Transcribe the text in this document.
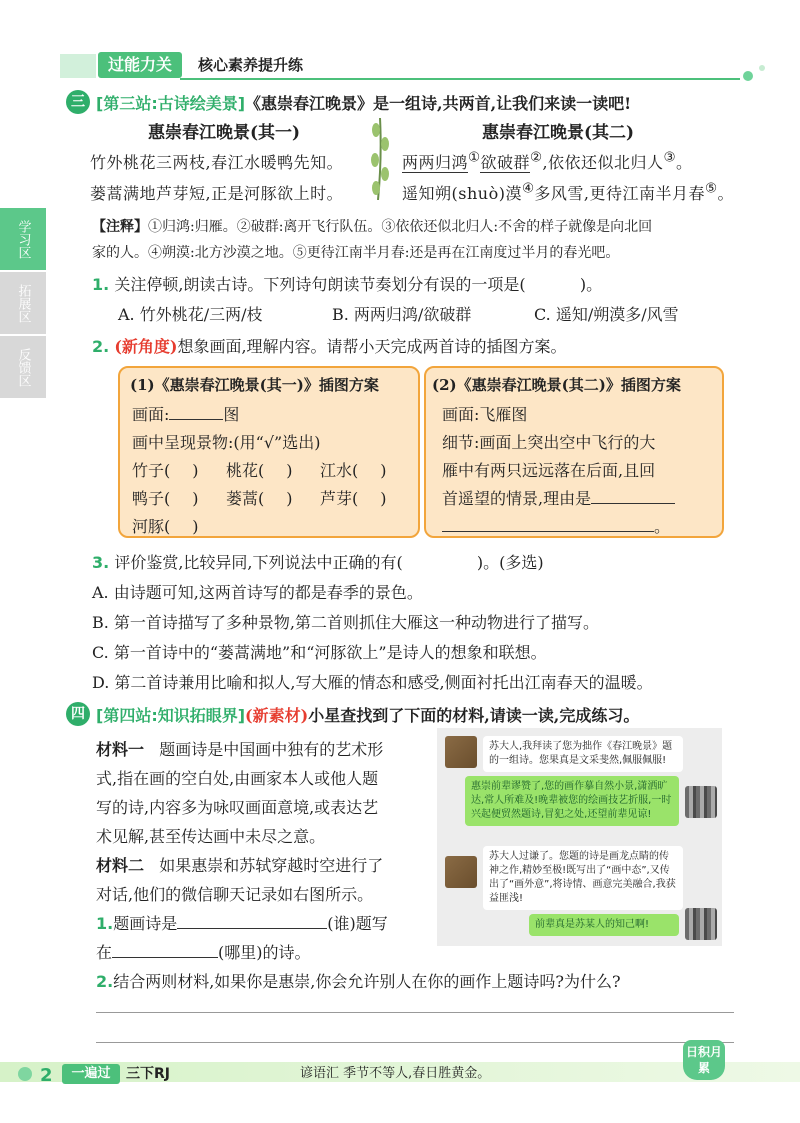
过能力关	核心素养提升练
学习区
拓展区
反馈区
三 [第三站:古诗绘美景]《惠崇春江晚景》是一组诗,共两首,让我们来读一读吧!
惠崇春江晚景(其一)	惠崇春江晚景(其二)
竹外桃花三两枝,春江水暖鸭先知。
蒌蒿满地芦芽短,正是河豚欲上时。
两两归鸿①欲破群②,依依还似北归人③。
遥知朔(shuò)漠④多风雪,更待江南半月春⑤。
【注释】①归鸿:归雁。②破群:离开飞行队伍。③依依还似北归人:不舍的样子就像是向北回
家的人。④朔漠:北方沙漠之地。⑤更待江南半月春:还是再在江南度过半月的春光吧。
1. 关注停顿,朗读古诗。下列诗句朗读节奏划分有误的一项是(	)。
A. 竹外桃花/三两/枝	B. 两两归鸿/欲破群	C. 遥知/朔漠多/风雪
2. (新角度)想象画面,理解内容。请帮小天完成两首诗的插图方案。
(1)《惠崇春江晚景(其一)》插图方案
画面:	图
画中呈现景物:(用“√”选出)
竹子( ) 桃花( ) 江水( )
鸭子( ) 蒌蒿( ) 芦芽( )
河豚( )
(2)《惠崇春江晚景(其二)》插图方案
画面:飞雁图
细节:画面上突出空中飞行的大
雁中有两只远远落在后面,且回
首遥望的情景,理由是
。
3. 评价鉴赏,比较异同,下列说法中正确的有(	)。(多选)
A. 由诗题可知,这两首诗写的都是春季的景色。
B. 第一首诗描写了多种景物,第二首则抓住大雁这一种动物进行了描写。
C. 第一首诗中的“蒌蒿满地”和“河豚欲上”是诗人的想象和联想。
D. 第二首诗兼用比喻和拟人,写大雁的情态和感受,侧面衬托出江南春天的温暖。
四 [第四站:知识拓眼界](新素材)小星查找到了下面的材料,请读一读,完成练习。
材料一 题画诗是中国画中独有的艺术形
式,指在画的空白处,由画家本人或他人题
写的诗,内容多为咏叹画面意境,或表达艺
术见解,甚至传达画中未尽之意。
材料二 如果惠崇和苏轼穿越时空进行了
对话,他们的微信聊天记录如右图所示。
1.题画诗是	(谁)题写
在	(哪里)的诗。
2.结合两则材料,如果你是惠崇,你会允许别人在你的画作上题诗吗?为什么?
苏大人,我拜读了您为拙作《春江晚景》题的一组诗。您果真是文采斐然,佩服佩服!
惠崇前辈谬赞了,您的画作摹自然小景,潇洒旷达,常人所难及!晚辈被您的绘画技艺折服,一时兴起便贸然题诗,冒犯之处,还望前辈见谅!
苏大人过谦了。您题的诗是画龙点睛的传神之作,精妙至极!既写出了“画中态”,又传出了“画外意”,将诗情、画意完美融合,我获益匪浅!
前辈真是苏某人的知己啊!
2	一遍过	三下RJ	谚语汇 季节不等人,春日胜黄金。
日积月累
